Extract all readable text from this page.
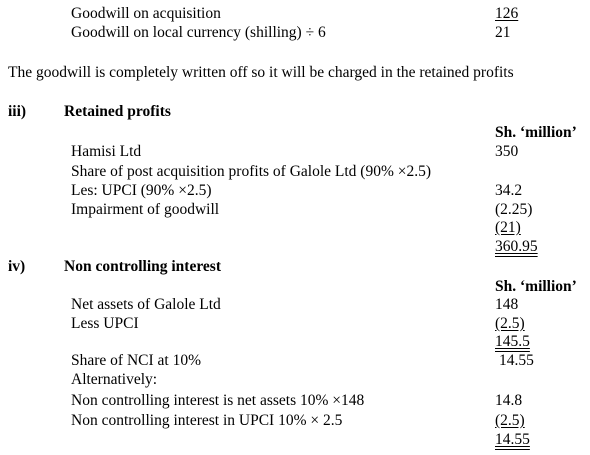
Goodwill on acquisition	126
Goodwill on local currency (shilling) ÷ 6	21
The goodwill is completely written off so it will be charged in the retained profits
iii) Retained profits
Sh. ‘million’
Hamisi Ltd	350
Share of post acquisition profits of Galole Ltd (90% ×2.5)
Les: UPCI (90% ×2.5)	34.2
Impairment of goodwill	(2.25)
(21)
360.95
iv)	Non controlling interest
Sh. ‘million’
Net assets of Galole Ltd	148
Less UPCI	(2.5)
145.5
Share of NCI at 10%	14.55
Alternatively:
Non controlling interest is net assets 10% ×148	14.8
Non controlling interest in UPCI 10% × 2.5	(2.5)
14.55
